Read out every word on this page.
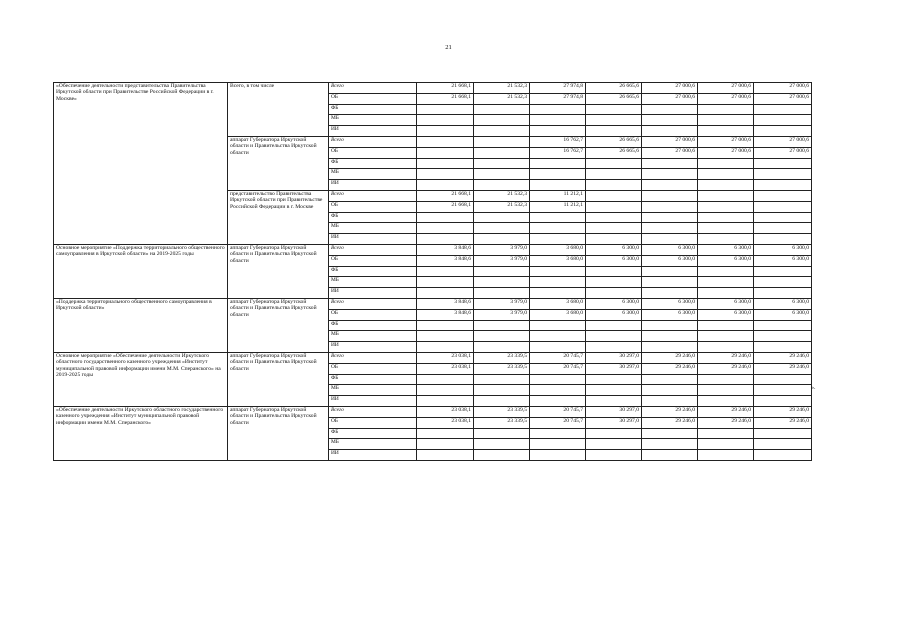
21
«Обеспечение деятельности представительства Правительства Иркутской области при Правительстве Российской Федерации в г. Москве»	Всего, в том числе	Всего	21 668,1	21 532,3	27 974,8	26 665,6	27 000,6	27 000,6	27 000,6
		ОБ	21 668,1	21 532,3	27 974,8	26 665,6	27 000,6	27 000,6	27 000,6
		ФБ							
		МБ							
		ИИ							
	аппарат Губернатора Иркутской области и Правительства Иркутской области	Всего			16 762,7	26 665,6	27 000,6	27 000,6	27 000,6
		ОБ			16 762,7	26 665,6	27 000,6	27 000,6	27 000,6
		ФБ							
		МБ							
		ИИ							
	представительство Правительства Иркутской области при Правительстве Российской Федерации в г. Москве	Всего	21 668,1	21 532,3	11 212,1				
		ОБ	21 668,1	21 532,3	11 212,1				
		ФБ							
		МБ							
		ИИ							
Основное мероприятие «Поддержка территориального общественного самоуправления в Иркутской области» на 2019-2025 годы	аппарат Губернатора Иркутской области и Правительства Иркутской области	Всего	3 848,6	3 979,0	3 680,0	6 300,0	6 300,0	6 300,0	6 300,0
		ОБ	3 848,6	3 979,0	3 680,0	6 300,0	6 300,0	6 300,0	6 300,0
		ФБ							
		МБ							
		ИИ							
«Поддержка территориального общественного самоуправления в Иркутской области»	аппарат Губернатора Иркутской области и Правительства Иркутской области	Всего	3 848,6	3 979,0	3 680,0	6 300,0	6 300,0	6 300,0	6 300,0
		ОБ	3 848,6	3 979,0	3 680,0	6 300,0	6 300,0	6 300,0	6 300,0
		ФБ							
		МБ							
		ИИ							
Основное мероприятие «Обеспечение деятельности Иркутского областного государственного казенного учреждения «Институт муниципальной правовой информации имени М.М. Сперанского» на 2019-2025 годы	аппарат Губернатора Иркутской области и Правительства Иркутской области	Всего	23 038,1	23 339,5	20 745,7	30 297,0	29 246,0	29 246,0	29 246,0
		ОБ	23 038,1	23 339,5	20 745,7	30 297,0	29 246,0	29 246,0	29 246,0
		ФБ							
		МБ							
		ИИ							
«Обеспечение деятельности Иркутского областного государственного казенного учреждения «Институт муниципальной правовой информации имени М.М. Сперанского»	аппарат Губернатора Иркутской области и Правительства Иркутской области	Всего	23 038,1	23 339,5	20 745,7	30 297,0	29 246,0	29 246,0	29 246,0
		ОБ	23 038,1	23 339,5	20 745,7	30 297,0	29 246,0	29 246,0	29 246,0
		ФБ							
		МБ							
		ИИ							
».
